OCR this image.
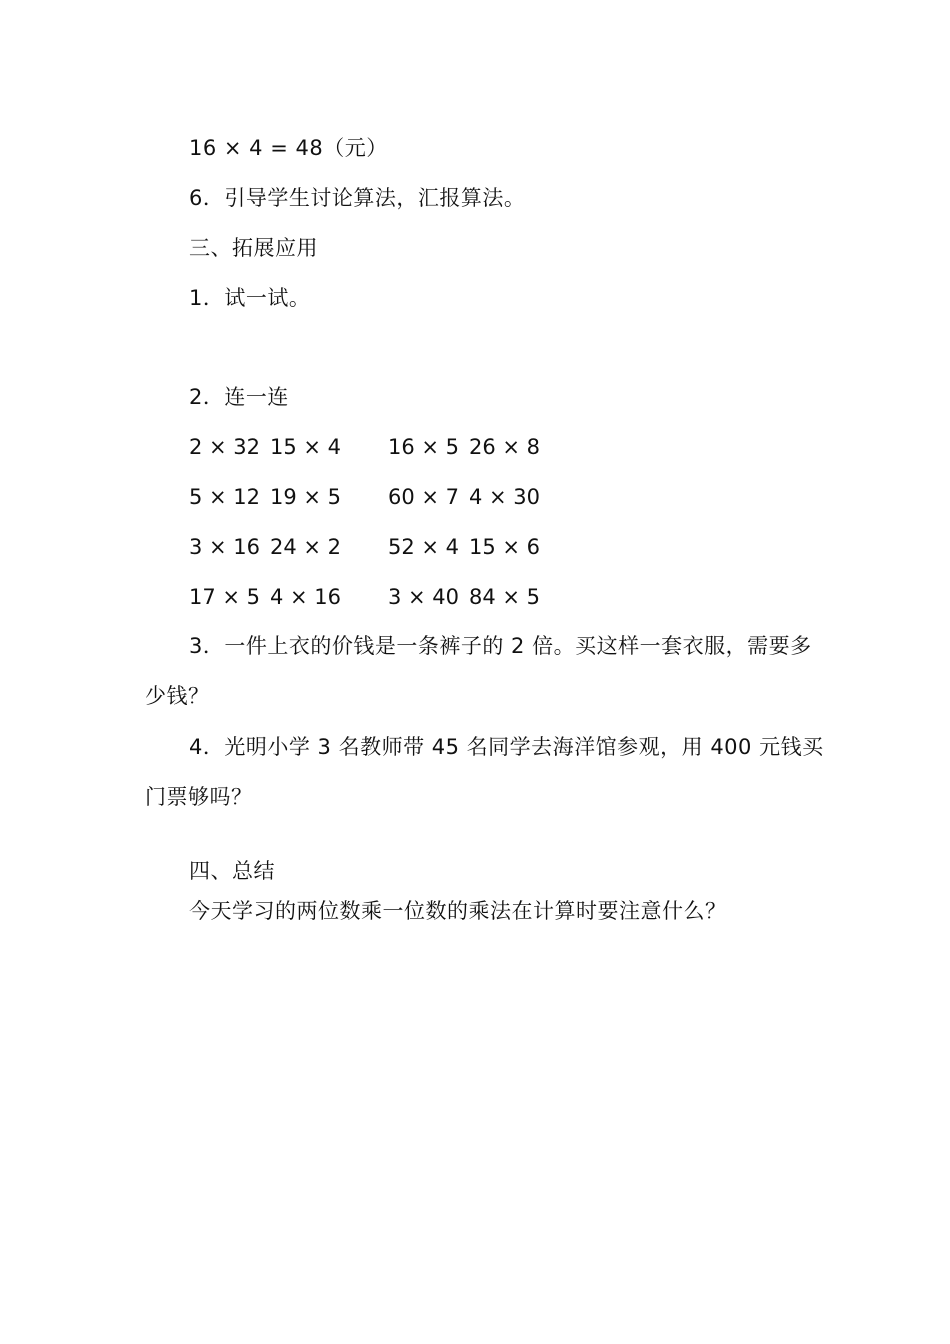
16 × 4 = 48（元）
6．引导学生讨论算法，汇报算法。
三、拓展应用
1．试一试。
2．连一连
2 × 32 15 × 4 16 × 5 26 × 8
5 × 12 19 × 5 60 × 7 4 × 30
3 × 16 24 × 2 52 × 4 15 × 6
17 × 5 4 × 16 3 × 40 84 × 5
3．一件上衣的价钱是一条裤子的 2 倍。买这样一套衣服，需要多
少钱？
4．光明小学 3 名教师带 45 名同学去海洋馆参观，用 400 元钱买
门票够吗？
四、总结
今天学习的两位数乘一位数的乘法在计算时要注意什么？
